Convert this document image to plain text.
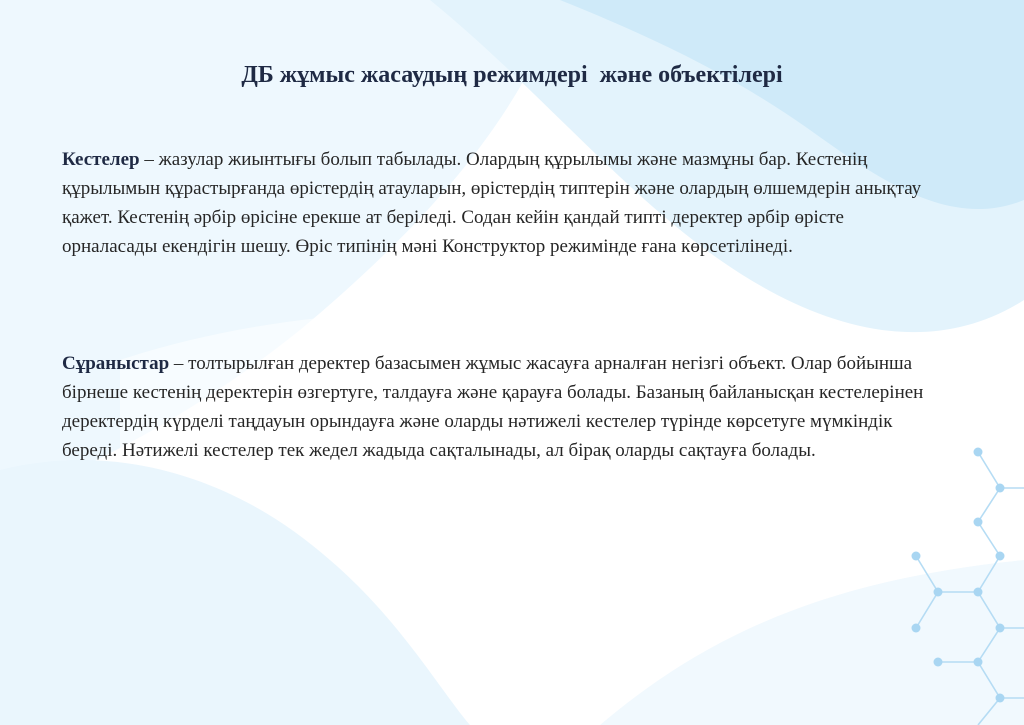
ДБ жұмыс жасаудың режимдері  және объектілері

Кестелер – жазулар жиынтығы болып табылады. Олардың құрылымы және мазмұны бар. Кестенің құрылымын құрастырғанда өрістердің атауларын, өрістердің типтерін және олардың өлшемдерін анықтау қажет. Кестенің әрбір өрісіне ерекше ат беріледі. Содан кейін қандай типті деректер әрбір өрісте орналасады екендігін шешу. Өріс типінің мәні Конструктор режимінде ғана көрсетілінеді.

Сұраныстар – толтырылған деректер базасымен жұмыс жасауға арналған негізгі объект. Олар бойынша бірнеше кестенің деректерін өзгертуге, талдауға және қарауға болады. Базаның байланысқан кестелерінен деректердің күрделі таңдауын орындауға және оларды нәтижелі кестелер түрінде көрсетуге мүмкіндік береді. Нәтижелі кестелер тек жедел жадыда сақталынады, ал бірақ оларды сақтауға болады.
